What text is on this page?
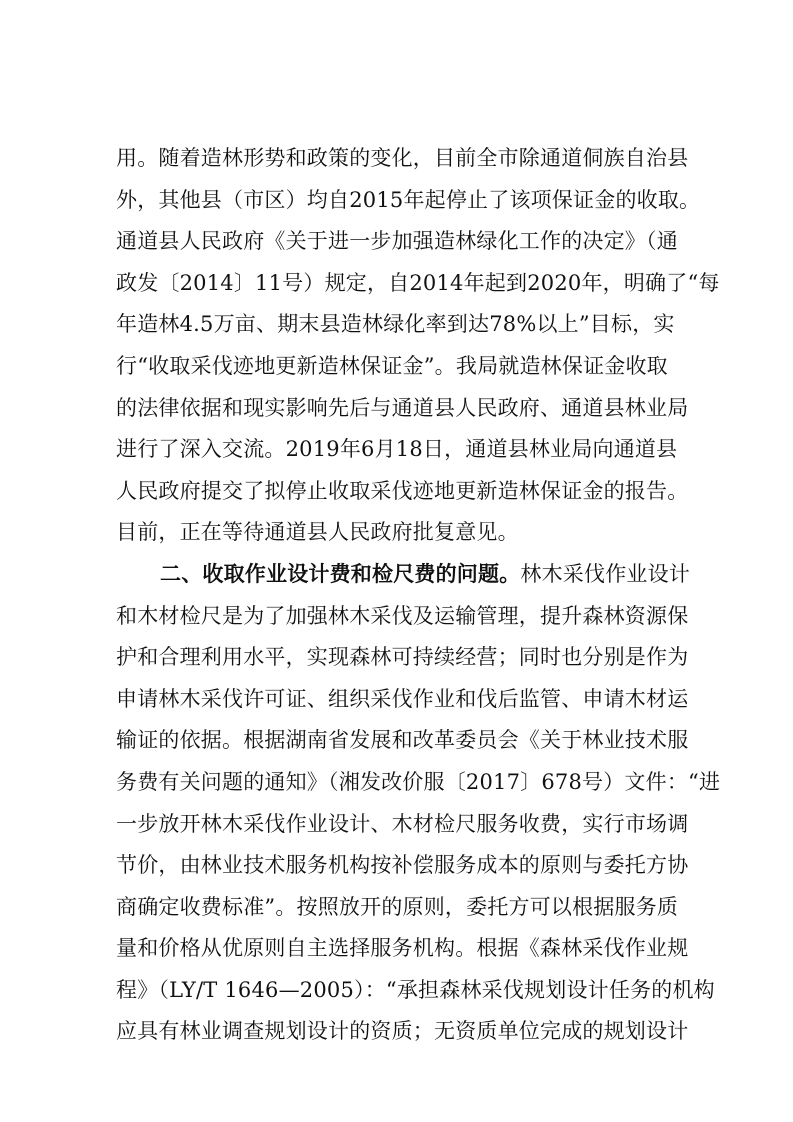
用。随着造林形势和政策的变化，目前全市除通道侗族自治县
外，其他县（市区）均自2015年起停止了该项保证金的收取。
通道县人民政府《关于进一步加强造林绿化工作的决定》（通
政发〔2014〕11号）规定，自2014年起到2020年，明确了“每
年造林4.5万亩、期末县造林绿化率到达78%以上”目标，实
行“收取采伐迹地更新造林保证金”。我局就造林保证金收取
的法律依据和现实影响先后与通道县人民政府、通道县林业局
进行了深入交流。2019年6月18日，通道县林业局向通道县
人民政府提交了拟停止收取采伐迹地更新造林保证金的报告。
目前，正在等待通道县人民政府批复意见。
二、收取作业设计费和检尺费的问题。林木采伐作业设计
和木材检尺是为了加强林木采伐及运输管理，提升森林资源保
护和合理利用水平，实现森林可持续经营；同时也分别是作为
申请林木采伐许可证、组织采伐作业和伐后监管、申请木材运
输证的依据。根据湖南省发展和改革委员会《关于林业技术服
务费有关问题的通知》（湘发改价服〔2017〕678号）文件：“进
一步放开林木采伐作业设计、木材检尺服务收费，实行市场调
节价，由林业技术服务机构按补偿服务成本的原则与委托方协
商确定收费标准”。按照放开的原则，委托方可以根据服务质
量和价格从优原则自主选择服务机构。根据《森林采伐作业规
程》（LY/T 1646—2005）：“承担森林采伐规划设计任务的机构
应具有林业调查规划设计的资质；无资质单位完成的规划设计
